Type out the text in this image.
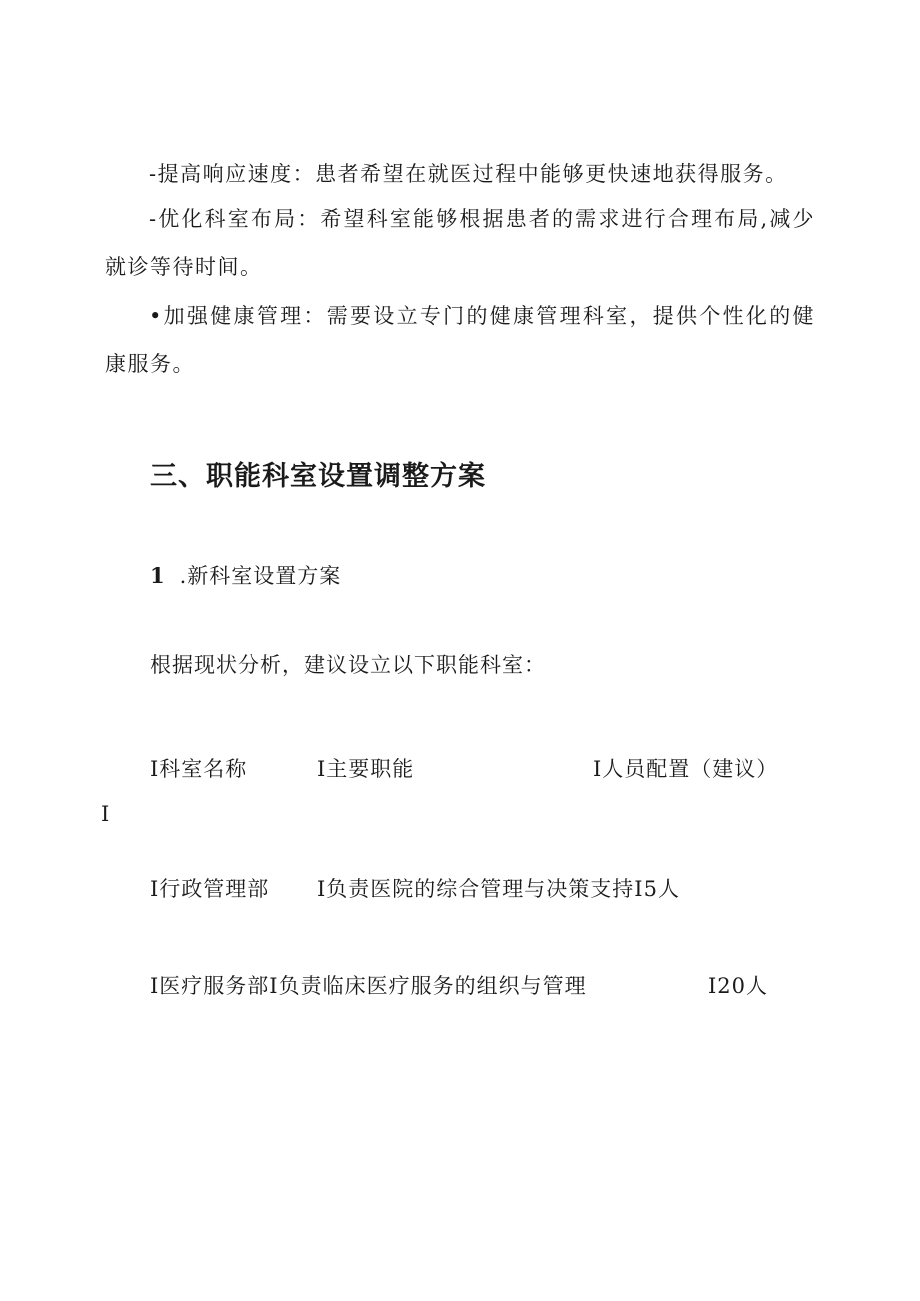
-提高响应速度：患者希望在就医过程中能够更快速地获得服务。
-优化科室布局：希望科室能够根据患者的需求进行合理布局,减少就诊等待时间。
•加强健康管理：需要设立专门的健康管理科室，提供个性化的健康服务。
三、职能科室设置调整方案
1 .新科室设置方案
根据现状分析，建议设立以下职能科室：
I科室名称	I主要职能	I人员配置（建议）
I
I行政管理部 I负责医院的综合管理与决策支持I5人
I医疗服务部I负责临床医疗服务的组织与管理	I20人
